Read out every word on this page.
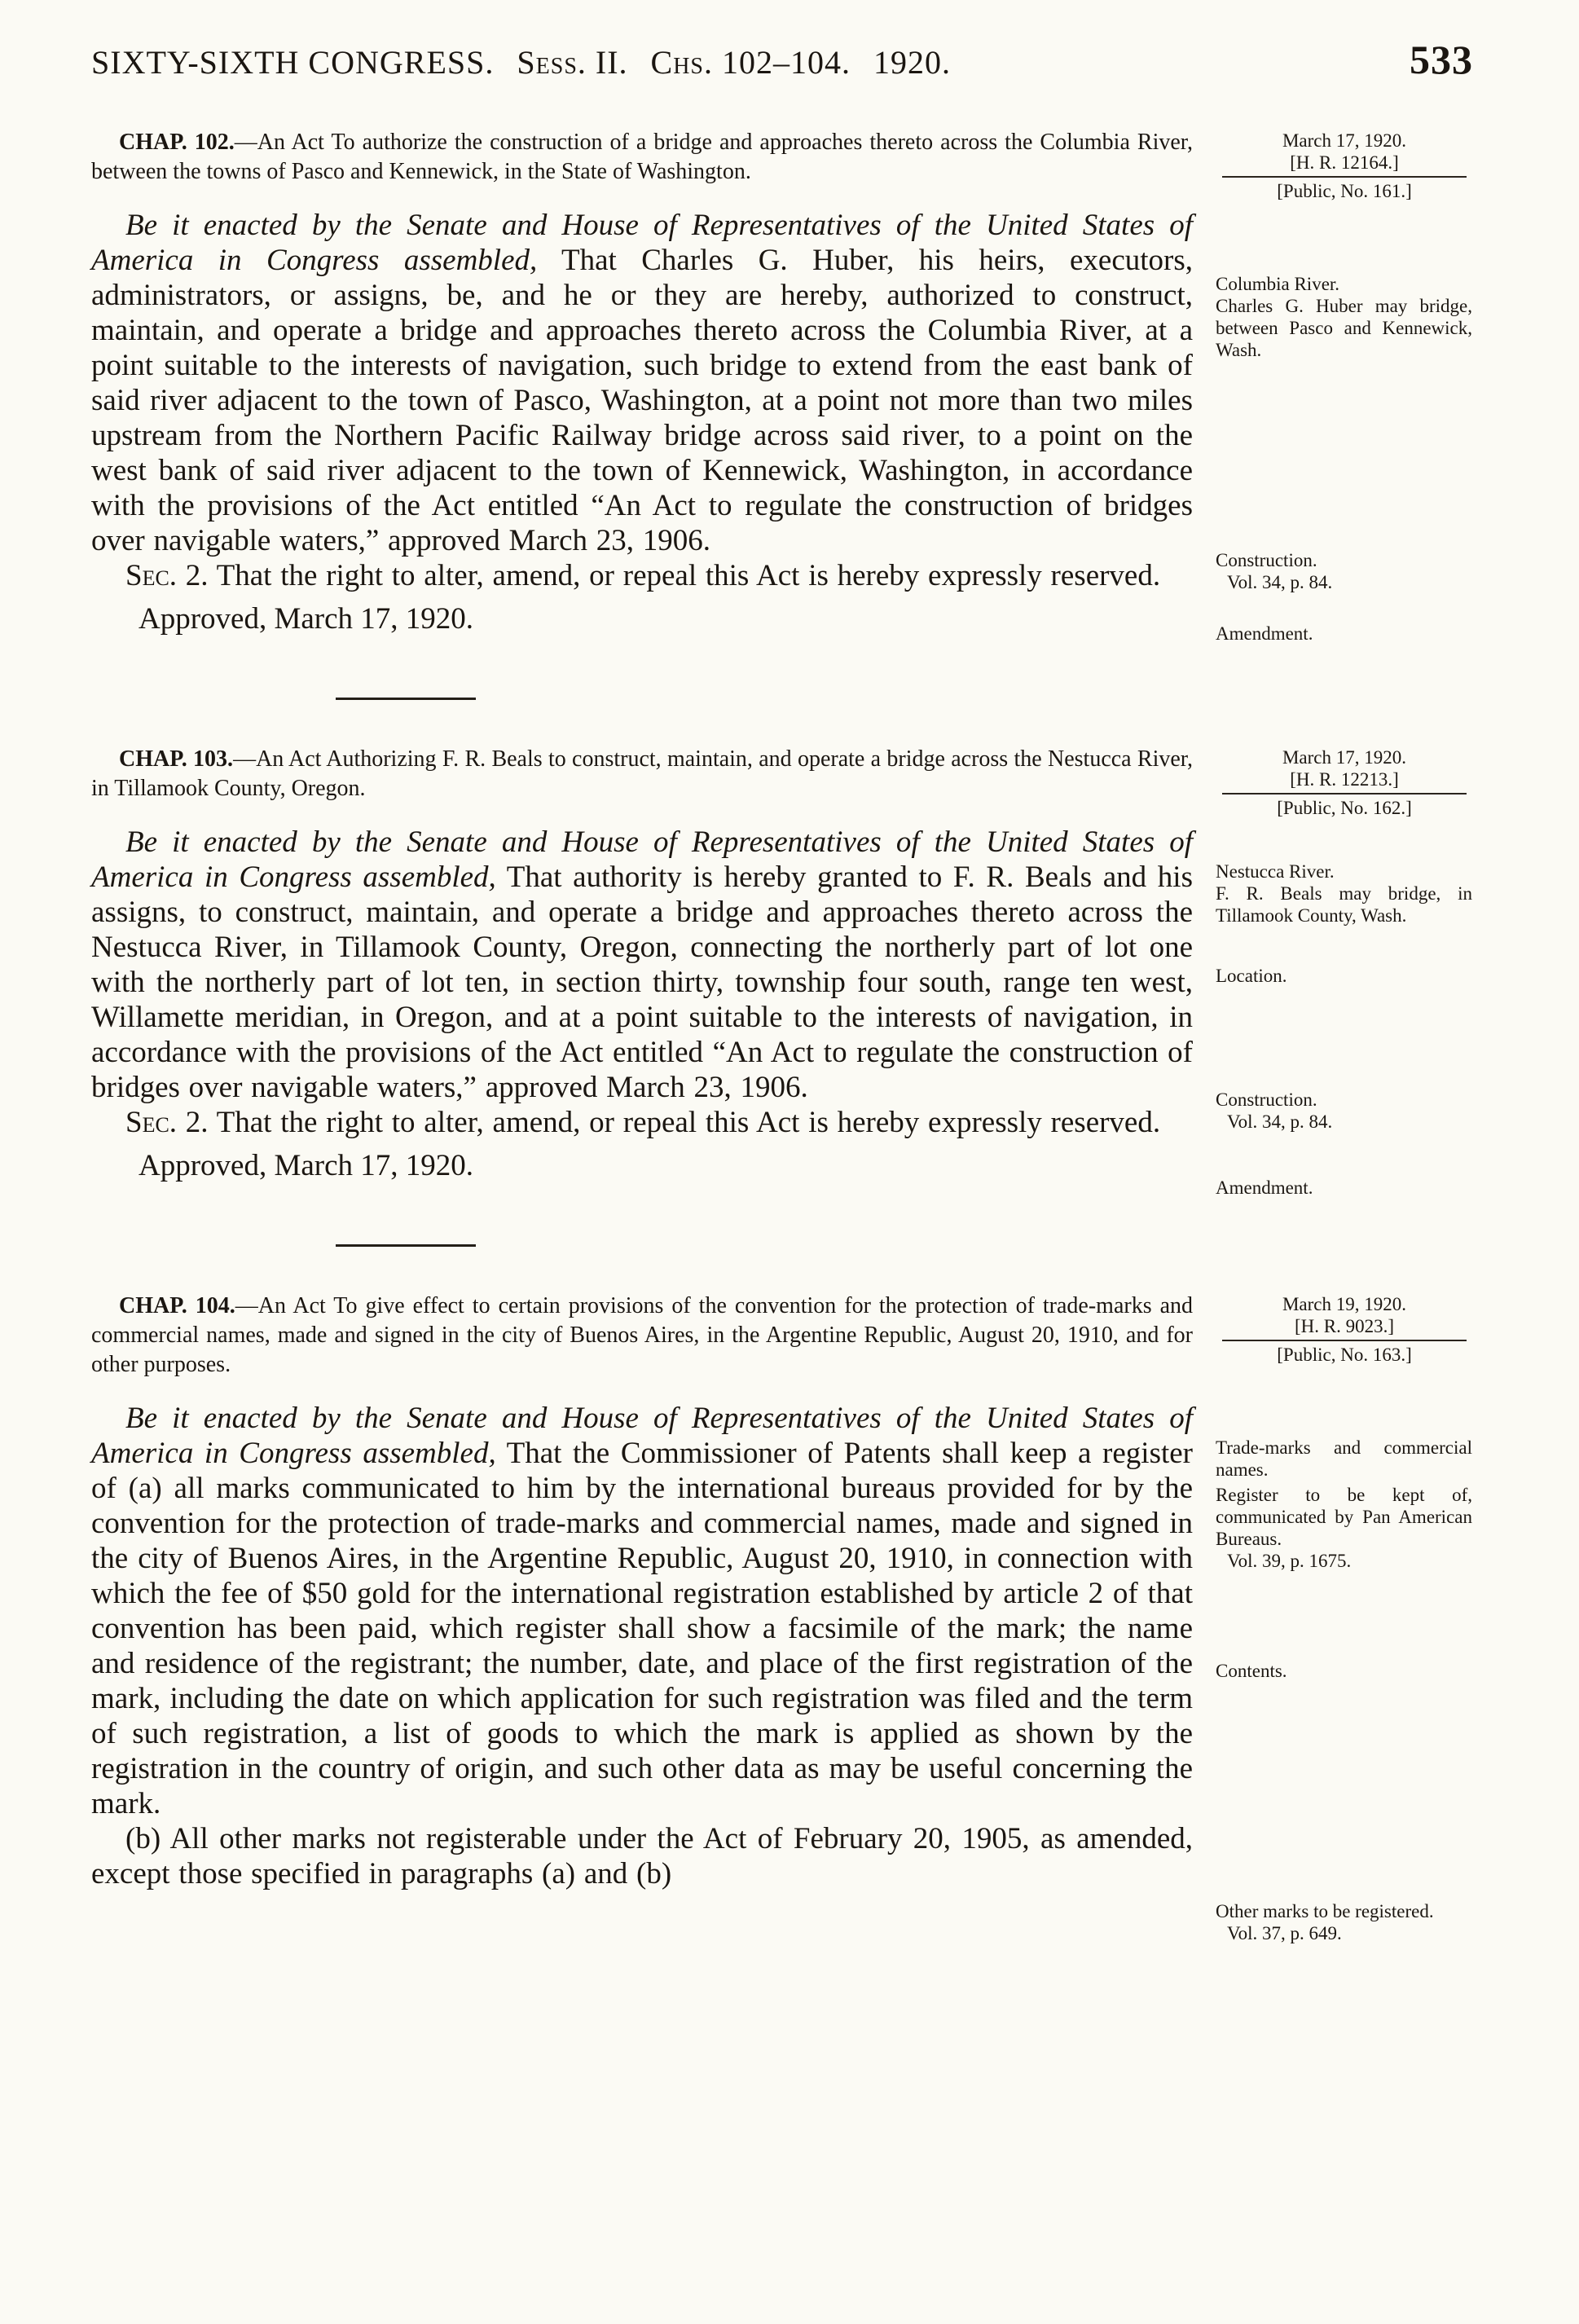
SIXTY-SIXTH CONGRESS. Sess. II. Chs. 102–104. 1920.	533

CHAP. 102.—An Act To authorize the construction of a bridge and approaches thereto across the Columbia River, between the towns of Pasco and Kennewick, in the State of Washington.

Be it enacted by the Senate and House of Representatives of the United States of America in Congress assembled, That Charles G. Huber, his heirs, executors, administrators, or assigns, be, and he or they are hereby, authorized to construct, maintain, and operate a bridge and approaches thereto across the Columbia River, at a point suitable to the interests of navigation, such bridge to extend from the east bank of said river adjacent to the town of Pasco, Washington, at a point not more than two miles upstream from the Northern Pacific Railway bridge across said river, to a point on the west bank of said river adjacent to the town of Kennewick, Washington, in accordance with the provisions of the Act entitled “An Act to regulate the construction of bridges over navigable waters,” approved March 23, 1906.

Sec. 2. That the right to alter, amend, or repeal this Act is hereby expressly reserved.

Approved, March 17, 1920.

March 17, 1920.
[H. R. 12164.]
[Public, No. 161.]
Columbia River.
Charles G. Huber may bridge, between Pasco and Kennewick, Wash.
Construction.
Vol. 34, p. 84.
Amendment.

CHAP. 103.—An Act Authorizing F. R. Beals to construct, maintain, and operate a bridge across the Nestucca River, in Tillamook County, Oregon.

Be it enacted by the Senate and House of Representatives of the United States of America in Congress assembled, That authority is hereby granted to F. R. Beals and his assigns, to construct, maintain, and operate a bridge and approaches thereto across the Nestucca River, in Tillamook County, Oregon, connecting the northerly part of lot one with the northerly part of lot ten, in section thirty, township four south, range ten west, Willamette meridian, in Oregon, and at a point suitable to the interests of navigation, in accordance with the provisions of the Act entitled “An Act to regulate the construction of bridges over navigable waters,” approved March 23, 1906.

Sec. 2. That the right to alter, amend, or repeal this Act is hereby expressly reserved.

Approved, March 17, 1920.

March 17, 1920.
[H. R. 12213.]
[Public, No. 162.]
Nestucca River.
F. R. Beals may bridge, in Tillamook County, Wash.
Location.
Construction.
Vol. 34, p. 84.
Amendment.

CHAP. 104.—An Act To give effect to certain provisions of the convention for the protection of trade-marks and commercial names, made and signed in the city of Buenos Aires, in the Argentine Republic, August 20, 1910, and for other purposes.

Be it enacted by the Senate and House of Representatives of the United States of America in Congress assembled, That the Commissioner of Patents shall keep a register of (a) all marks communicated to him by the international bureaus provided for by the convention for the protection of trade-marks and commercial names, made and signed in the city of Buenos Aires, in the Argentine Republic, August 20, 1910, in connection with which the fee of $50 gold for the international registration established by article 2 of that convention has been paid, which register shall show a facsimile of the mark; the name and residence of the registrant; the number, date, and place of the first registration of the mark, including the date on which application for such registration was filed and the term of such registration, a list of goods to which the mark is applied as shown by the registration in the country of origin, and such other data as may be useful concerning the mark.

(b) All other marks not registerable under the Act of February 20, 1905, as amended, except those specified in paragraphs (a) and (b)

March 19, 1920.
[H. R. 9023.]
[Public, No. 163.]
Trade-marks and commercial names.
Register to be kept of, communicated by Pan American Bureaus.
Vol. 39, p. 1675.
Contents.
Other marks to be registered.
Vol. 37, p. 649.
